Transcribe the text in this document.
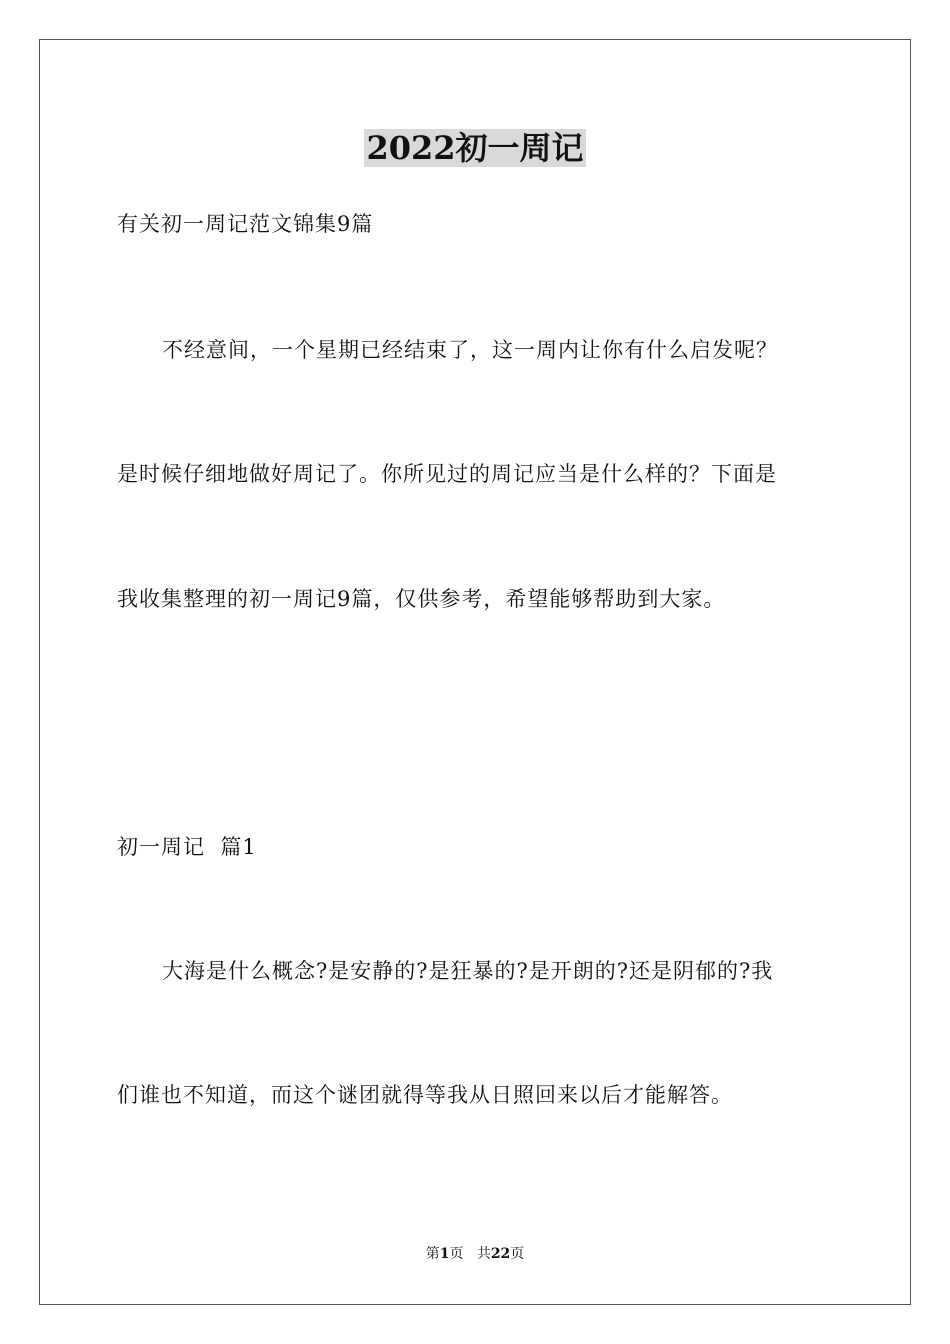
2022初一周记
有关初一周记范文锦集9篇
不经意间，一个星期已经结束了，这一周内让你有什么启发呢？
是时候仔细地做好周记了。你所见过的周记应当是什么样的？下面是
我收集整理的初一周记9篇，仅供参考，希望能够帮助到大家。
初一周记  篇1
大海是什么概念?是安静的?是狂暴的?是开朗的?还是阴郁的?我
们谁也不知道，而这个谜团就得等我从日照回来以后才能解答。
第1页 共22页
